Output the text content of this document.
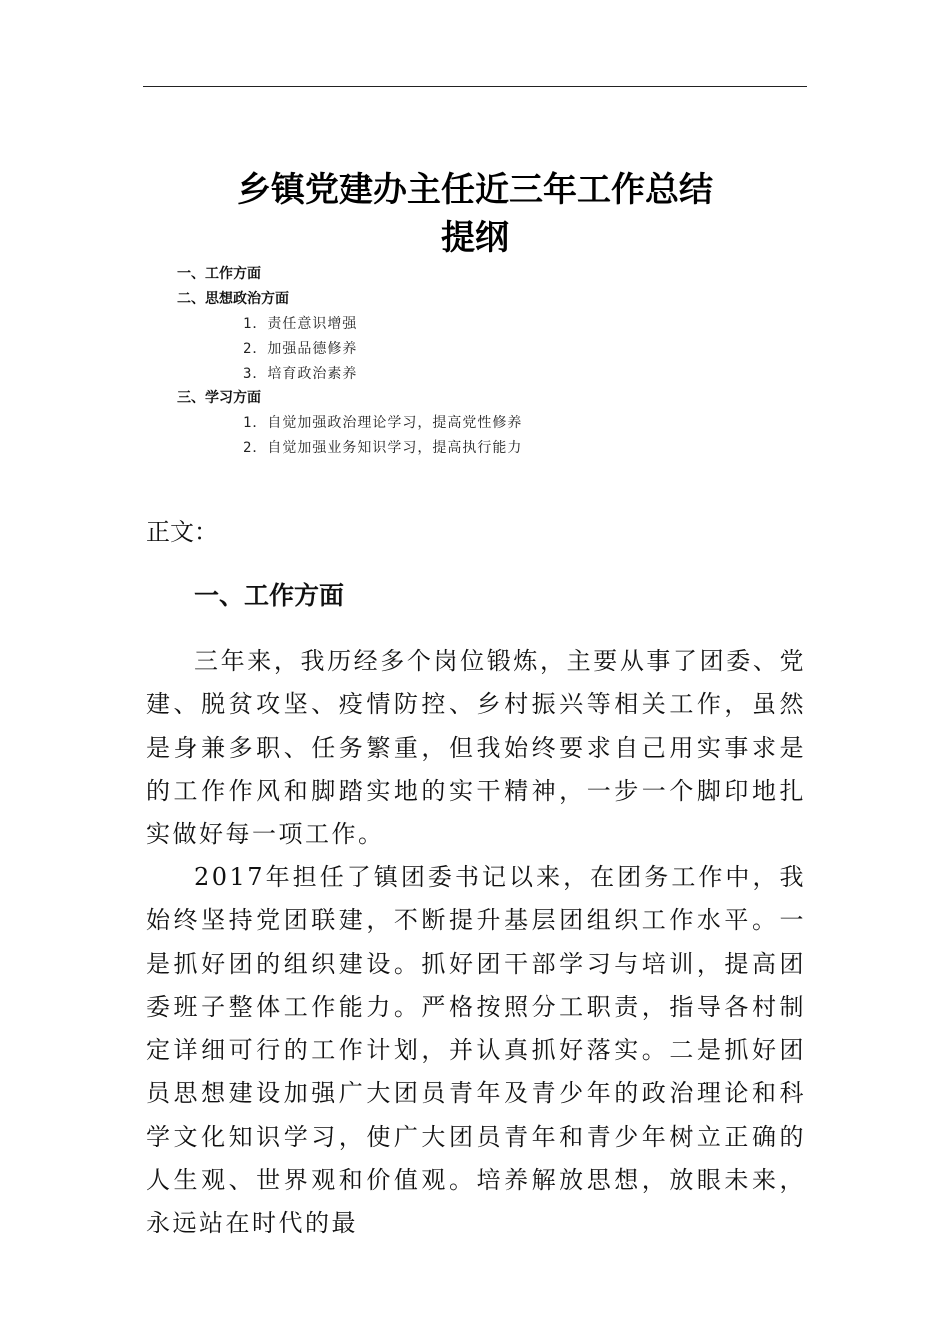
乡镇党建办主任近三年工作总结
提纲
一、工作方面
二、思想政治方面
1．责任意识增强
2．加强品德修养
3．培育政治素养
三、学习方面
1．自觉加强政治理论学习，提高党性修养
2．自觉加强业务知识学习，提高执行能力
正文：
一、工作方面

三年来，我历经多个岗位锻炼，主要从事了团委、党建、脱贫攻坚、疫情防控、乡村振兴等相关工作，虽然是身兼多职、任务繁重，但我始终要求自己用实事求是的工作作风和脚踏实地的实干精神，一步一个脚印地扎实做好每一项工作。

2017年担任了镇团委书记以来，在团务工作中，我始终坚持党团联建，不断提升基层团组织工作水平。一是抓好团的组织建设。抓好团干部学习与培训，提高团委班子整体工作能力。严格按照分工职责，指导各村制定详细可行的工作计划，并认真抓好落实。二是抓好团员思想建设加强广大团员青年及青少年的政治理论和科学文化知识学习，使广大团员青年和青少年树立正确的人生观、世界观和价值观。培养解放思想，放眼未来，永远站在时代的最
